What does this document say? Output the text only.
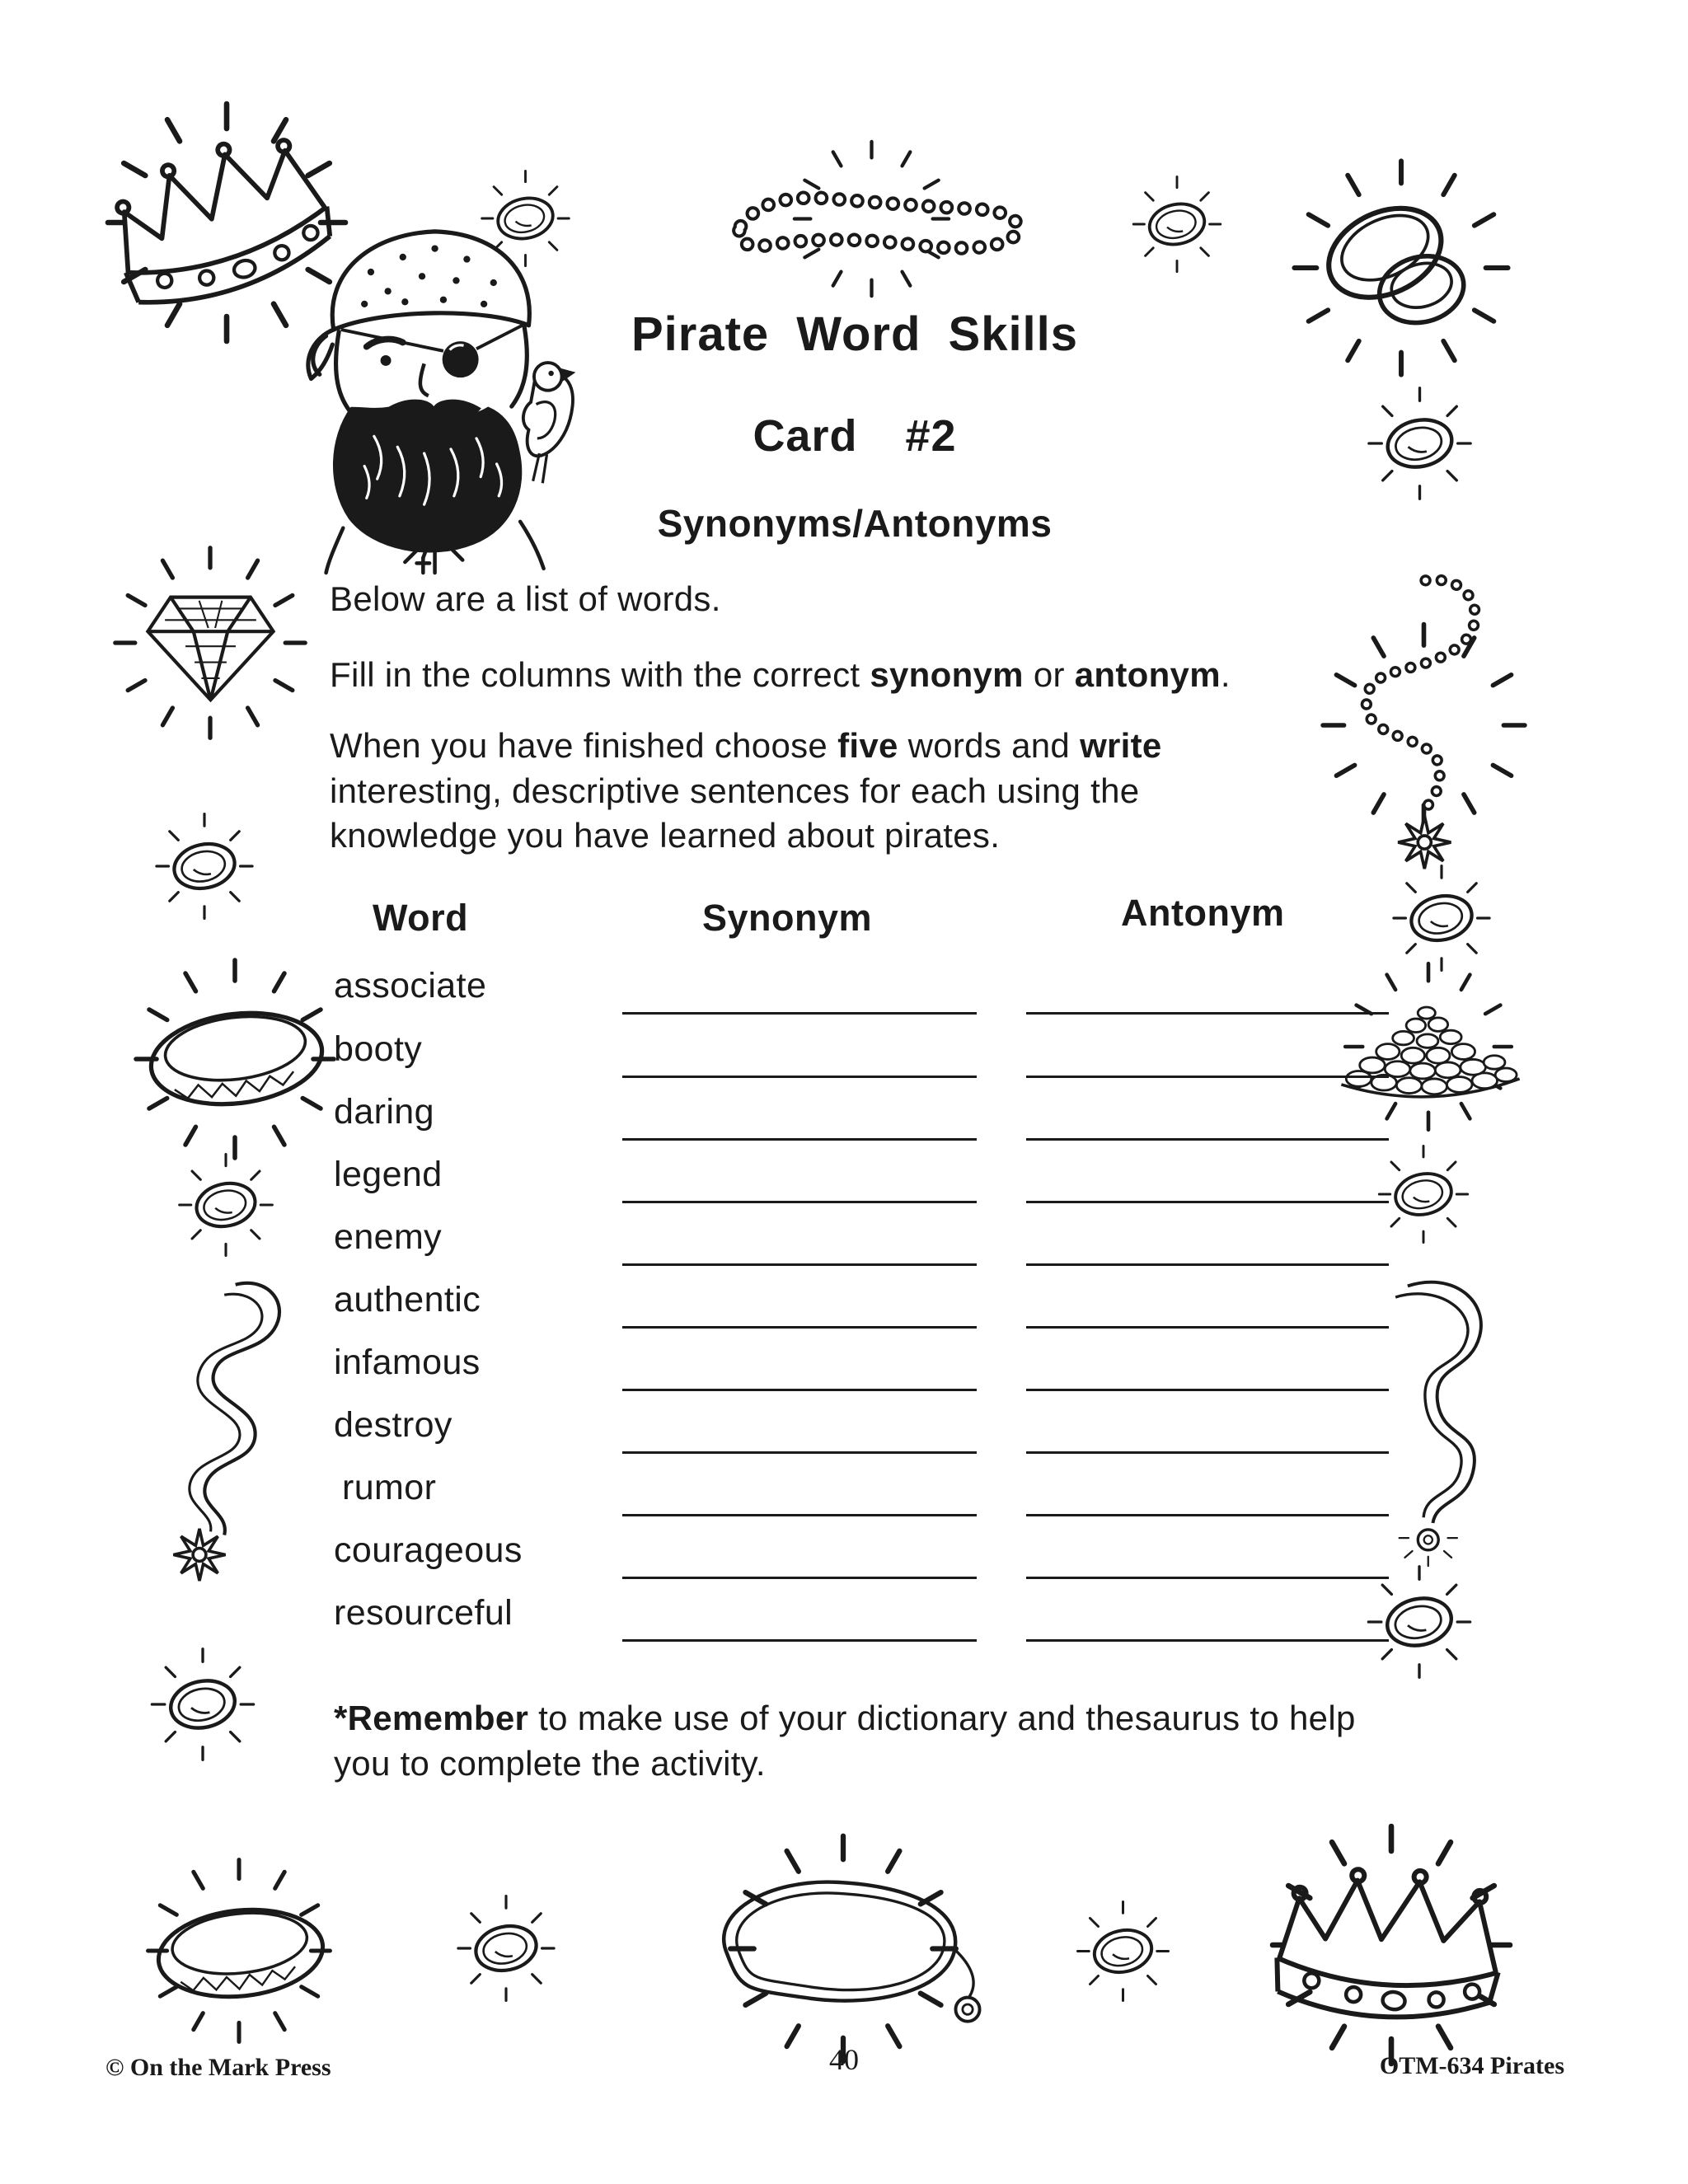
Pirate Word Skills
Card #2
Synonyms/Antonyms
Below are a list of words.
Fill in the columns with the correct synonym or antonym.
When you have finished choose five words and write interesting, descriptive sentences for each using the knowledge you have learned about pirates.
Word	Synonym	Antonym
associate
booty
daring
legend
enemy
authentic
infamous
destroy
rumor
courageous
resourceful
*Remember to make use of your dictionary and thesaurus to help you to complete the activity.
© On the Mark Press	40	OTM-634 Pirates
